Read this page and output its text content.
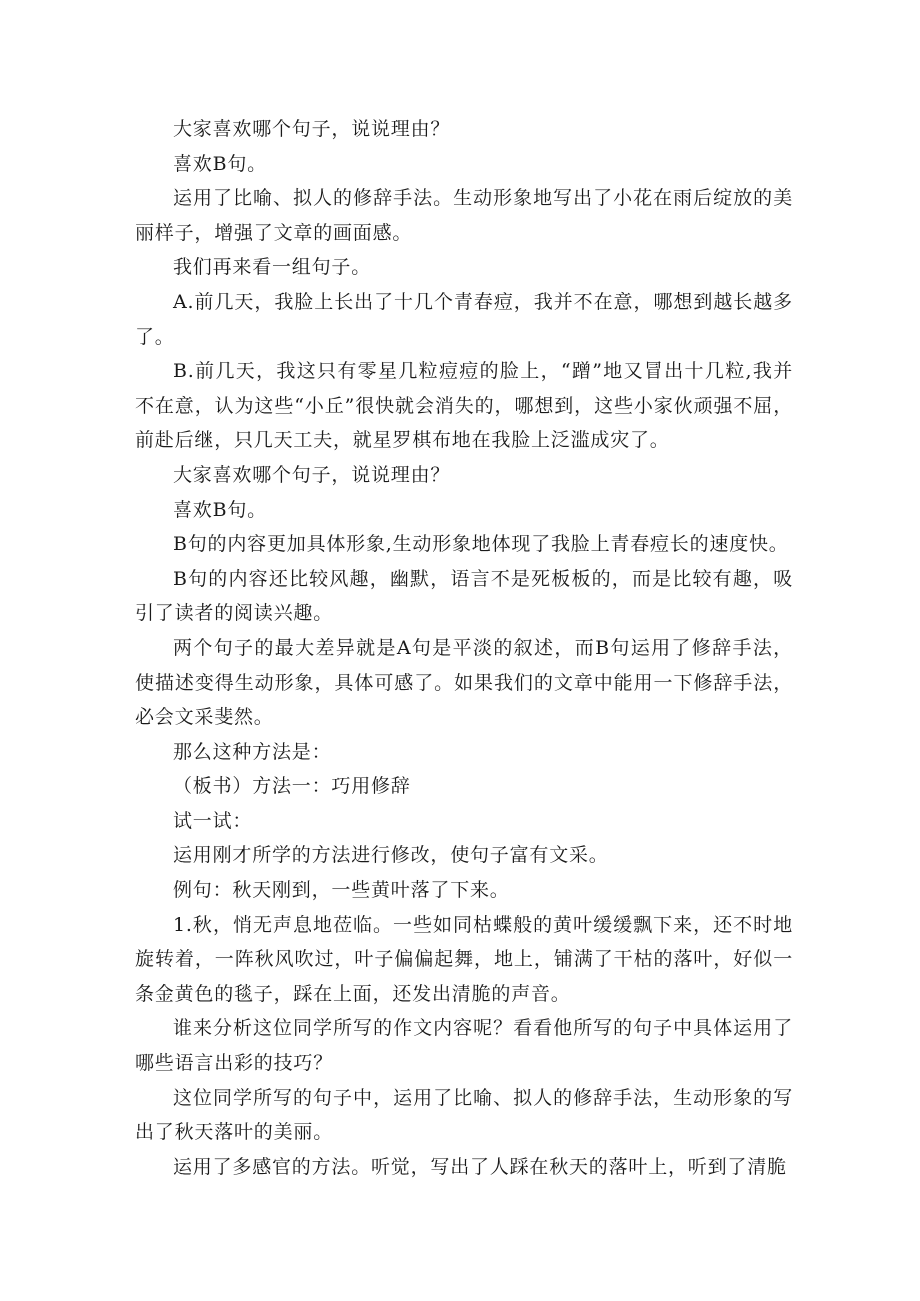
大家喜欢哪个句子，说说理由？

喜欢B句。

运用了比喻、拟人的修辞手法。生动形象地写出了小花在雨后绽放的美丽样子，增强了文章的画面感。

我们再来看一组句子。

A.前几天，我脸上长出了十几个青春痘，我并不在意，哪想到越长越多了。

B.前几天，我这只有零星几粒痘痘的脸上，“蹭”地又冒出十几粒,我并不在意，认为这些“小丘”很快就会消失的，哪想到，这些小家伙顽强不屈，前赴后继，只几天工夫，就星罗棋布地在我脸上泛滥成灾了。

大家喜欢哪个句子，说说理由？

喜欢B句。

B句的内容更加具体形象,生动形象地体现了我脸上青春痘长的速度快。

B句的内容还比较风趣，幽默，语言不是死板板的，而是比较有趣，吸引了读者的阅读兴趣。

两个句子的最大差异就是A句是平淡的叙述，而B句运用了修辞手法，使描述变得生动形象，具体可感了。如果我们的文章中能用一下修辞手法，必会文采斐然。

那么这种方法是：

（板书）方法一：巧用修辞

试一试：

运用刚才所学的方法进行修改，使句子富有文采。

例句：秋天刚到，一些黄叶落了下来。

1.秋，悄无声息地莅临。一些如同枯蝶般的黄叶缓缓飘下来，还不时地旋转着，一阵秋风吹过，叶子偏偏起舞，地上，铺满了干枯的落叶，好似一条金黄色的毯子，踩在上面，还发出清脆的声音。

谁来分析这位同学所写的作文内容呢？看看他所写的句子中具体运用了哪些语言出彩的技巧？

这位同学所写的句子中，运用了比喻、拟人的修辞手法，生动形象的写出了秋天落叶的美丽。

运用了多感官的方法。听觉，写出了人踩在秋天的落叶上，听到了清脆
